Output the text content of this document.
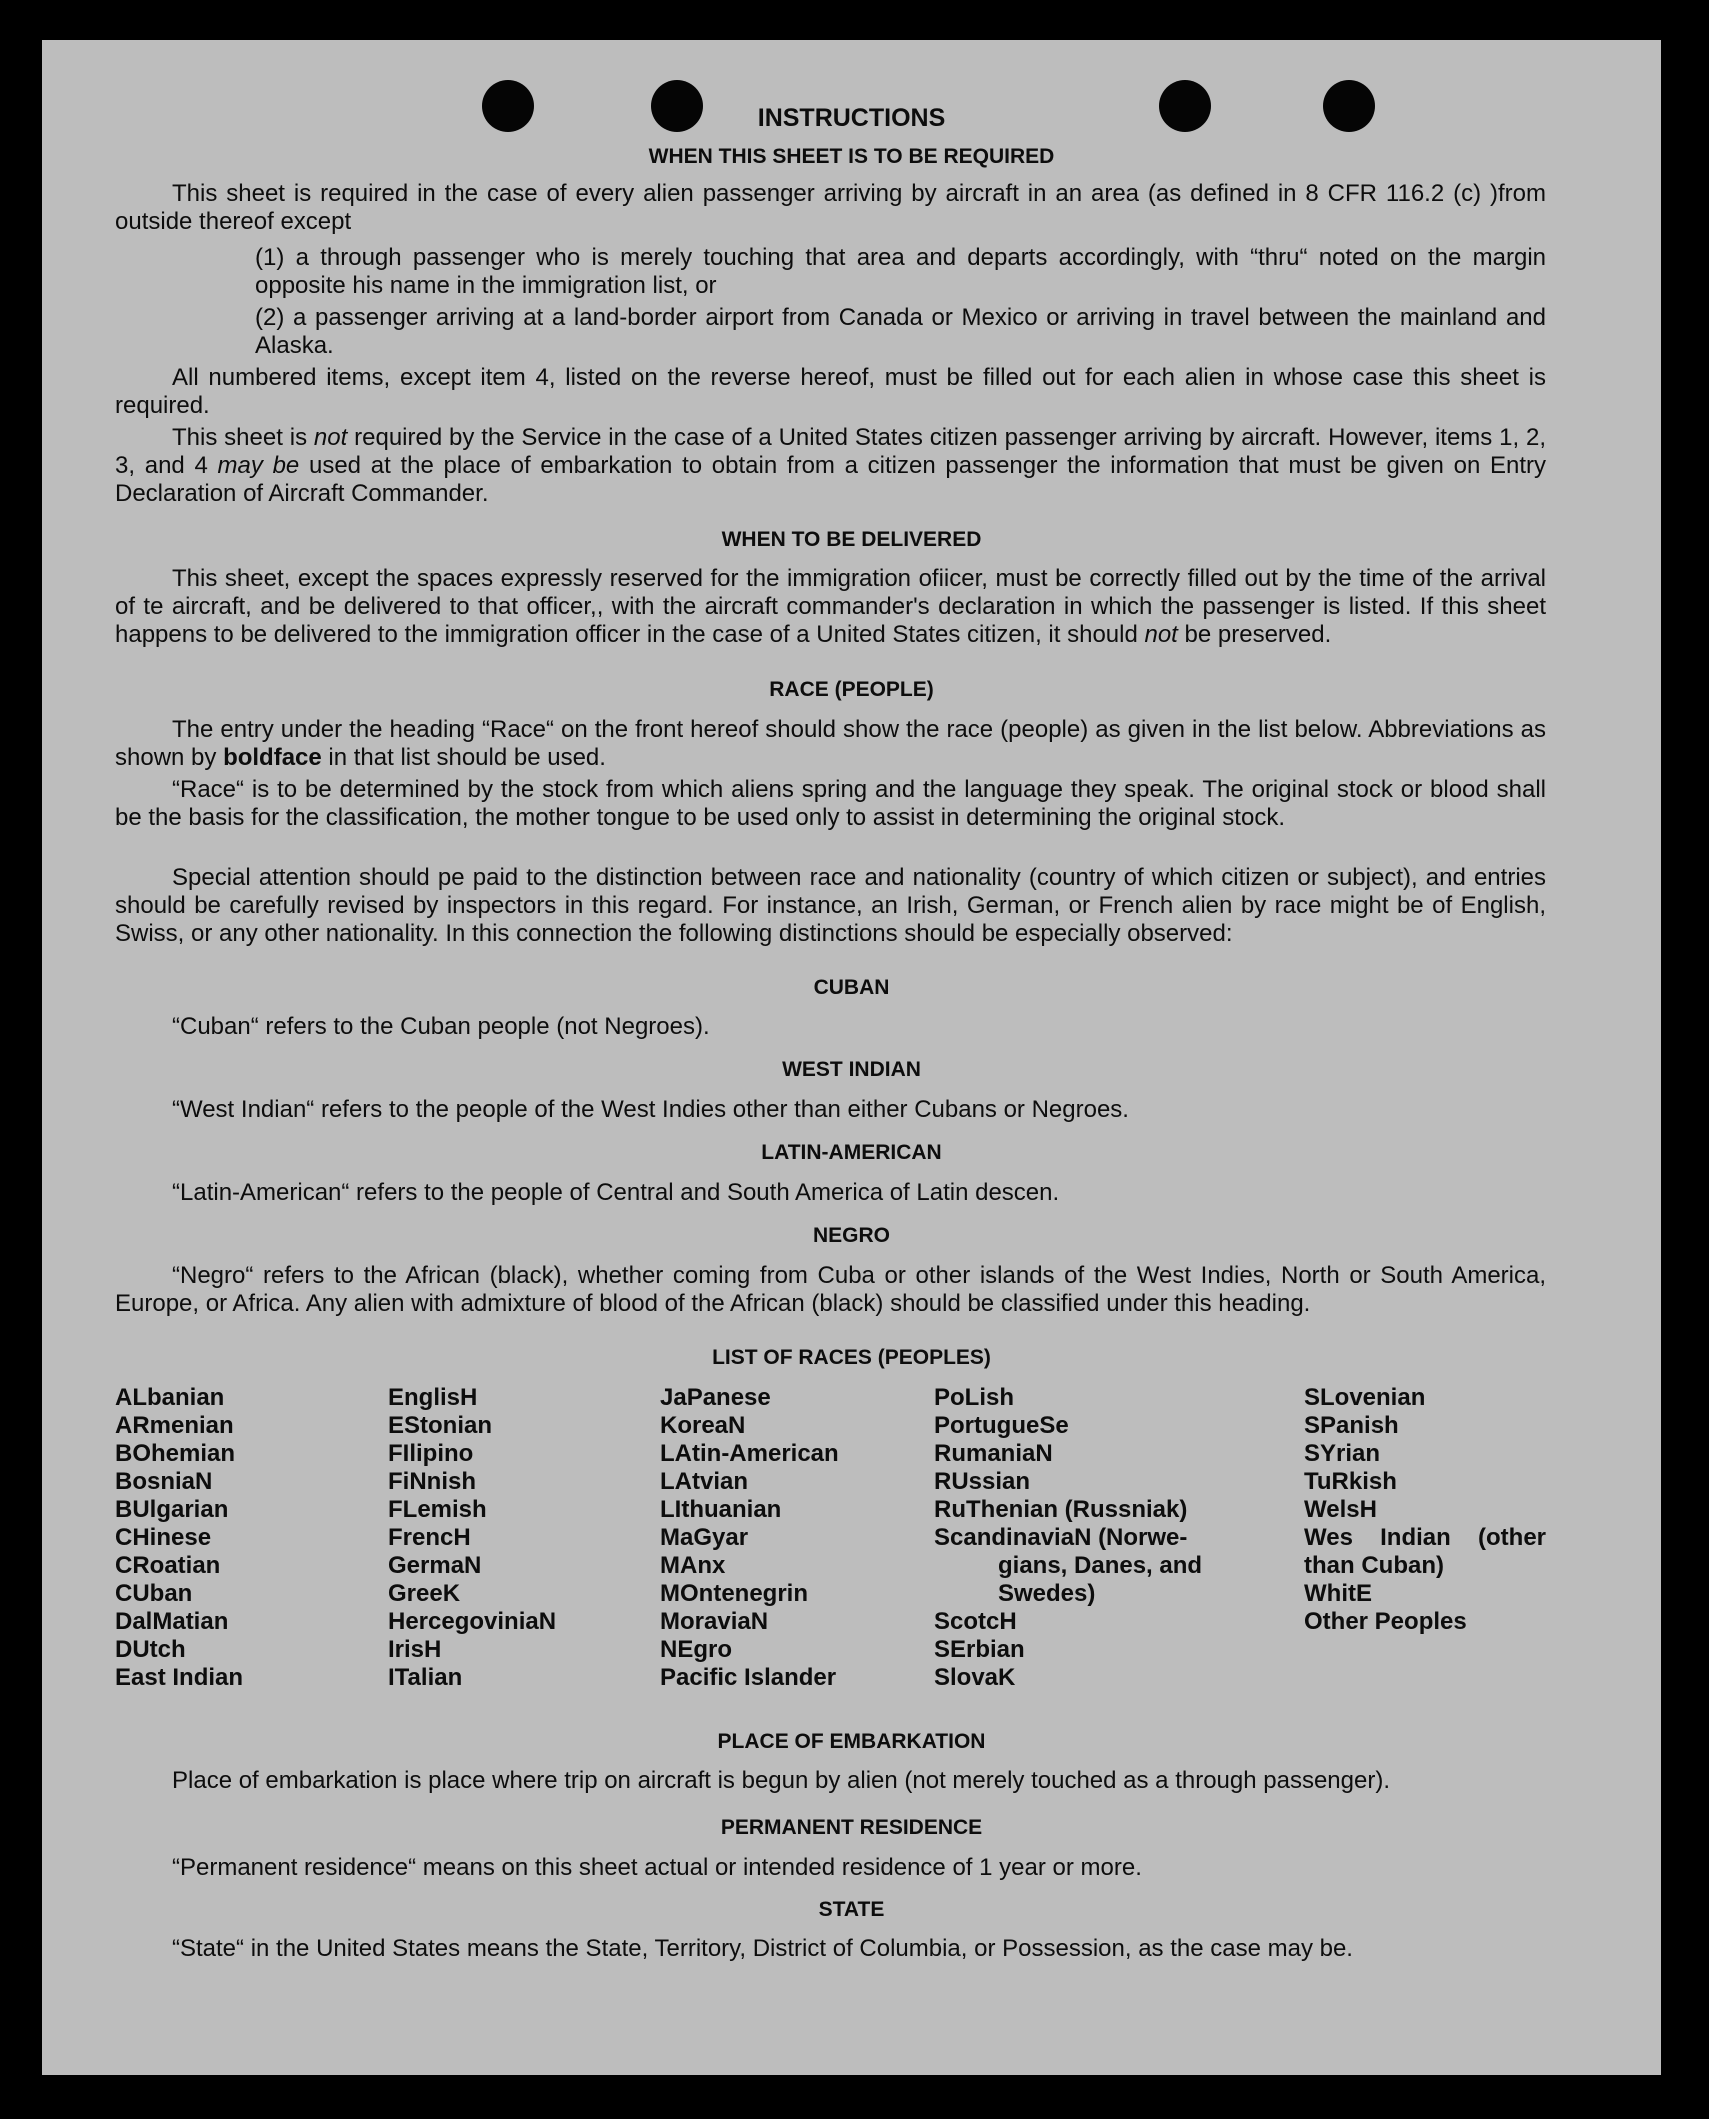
INSTRUCTIONS
WHEN THIS SHEET IS TO BE REQUIRED
This sheet is required in the case of every alien passenger arriving by aircraft in an area (as defined in 8 CFR 116.2 (c) )from outside thereof except
(1) a through passenger who is merely touching that area and departs accordingly, with “thru“ noted on the margin opposite his name in the immigration list, or
(2) a passenger arriving at a land-border airport from Canada or Mexico or arriving in travel between the mainland and Alaska.
All numbered items, except item 4, listed on the reverse hereof, must be filled out for each alien in whose case this sheet is required.
This sheet is not required by the Service in the case of a United States citizen passenger arriving by aircraft. However, items 1, 2, 3, and 4 may be used at the place of embarkation to obtain from a citizen passenger the information that must be given on Entry Declaration of Aircraft Commander.
WHEN TO BE DELIVERED
This sheet, except the spaces expressly reserved for the immigration ofiicer, must be correctly filled out by the time of the arrival of te aircraft, and be delivered to that officer,, with the aircraft commander's declaration in which the passenger is listed. If this sheet happens to be delivered to the immigration officer in the case of a United States citizen, it should not be preserved.
RACE (PEOPLE)
The entry under the heading “Race“ on the front hereof should show the race (people) as given in the list below. Abbreviations as shown by boldface in that list should be used.
“Race“ is to be determined by the stock from which aliens spring and the language they speak. The original stock or blood shall be the basis for the classification, the mother tongue to be used only to assist in determining the original stock.
Special attention should pe paid to the distinction between race and nationality (country of which citizen or subject), and entries should be carefully revised by inspectors in this regard. For instance, an Irish, German, or French alien by race might be of English, Swiss, or any other nationality. In this connection the following distinctions should be especially observed:
CUBAN
“Cuban“ refers to the Cuban people (not Negroes).
WEST INDIAN
“West Indian“ refers to the people of the West Indies other than either Cubans or Negroes.
LATIN-AMERICAN
“Latin-American“ refers to the people of Central and South America of Latin descen.
NEGRO
“Negro“ refers to the African (black), whether coming from Cuba or other islands of the West Indies, North or South America, Europe, or Africa. Any alien with admixture of blood of the African (black) should be classified under this heading.
LIST OF RACES (PEOPLES)
ALbanian
ARmenian
BOhemian
BosniaN
BUlgarian
CHinese
CRoatian
CUban
DalMatian
DUtch
East Indian
EnglisH
EStonian
FIlipino
FiNnish
FLemish
FrencH
GermaN
GreeK
HercegoviniaN
IrisH
ITalian
JaPanese
KoreaN
LAtin-American
LAtvian
LIthuanian
MaGyar
MAnx
MOntenegrin
MoraviaN
NEgro
Pacific Islander
PoLish
PortugueSe
RumaniaN
RUssian
RuThenian (Russniak)
ScandinaviaN (Norwe-
gians, Danes, and
Swedes)
ScotcH
SErbian
SlovaK
SLovenian
SPanish
SYrian
TuRkish
WelsH
Wes Indian (other
than Cuban)
WhitE
Other Peoples
PLACE OF EMBARKATION
Place of embarkation is place where trip on aircraft is begun by alien (not merely touched as a through passenger).
PERMANENT RESIDENCE
“Permanent residence“ means on this sheet actual or intended residence of 1 year or more.
STATE
“State“ in the United States means the State, Territory, District of Columbia, or Possession, as the case may be.
